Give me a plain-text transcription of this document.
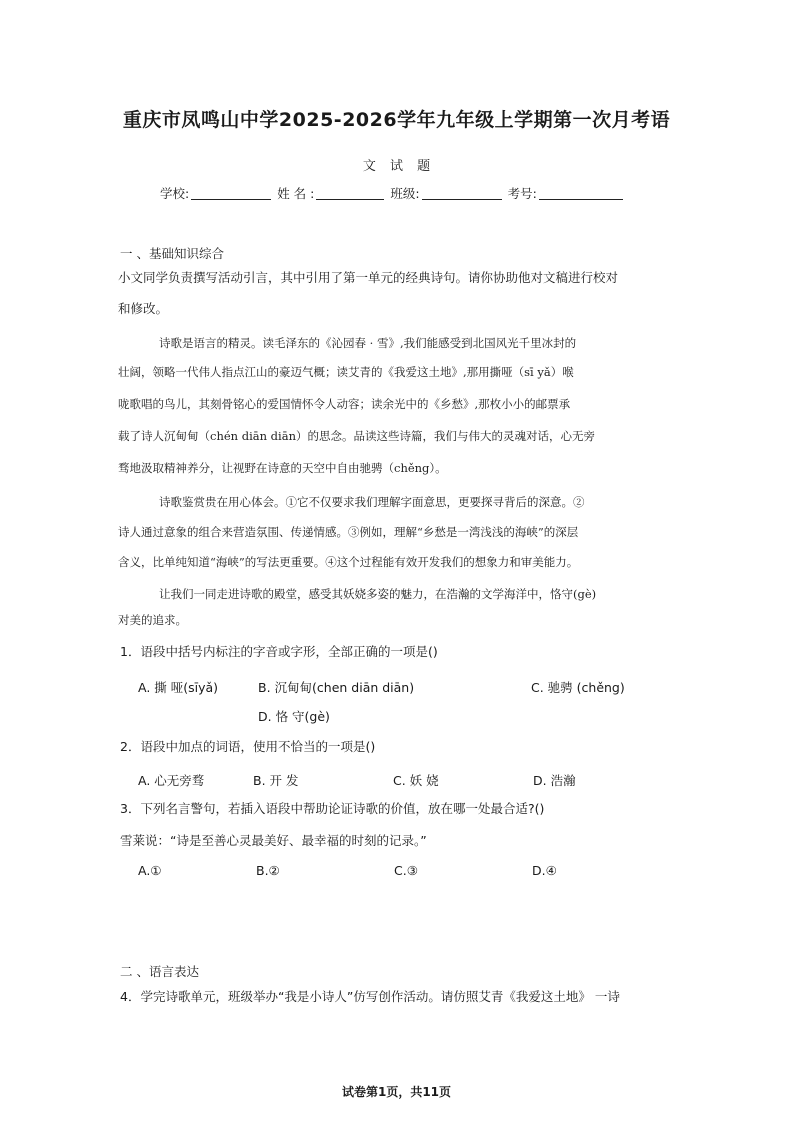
重庆市凤鸣山中学2025-2026学年九年级上学期第一次月考语
文 试 题
学校:	姓 名 :	班级:	考号:
一 、基础知识综合
小文同学负责撰写活动引言，其中引用了第一单元的经典诗句。请你协助他对文稿进行校对
和修改。
诗歌是语言的精灵。读毛泽东的《沁园春 · 雪》,我们能感受到北国风光千里冰封的
壮阔，领略一代伟人指点江山的豪迈气概；读艾青的《我爱这土地》,那用撕哑（sī yǎ）喉
咙歌唱的鸟儿，其刻骨铭心的爱国情怀令人动容；读余光中的《乡愁》,那枚小小的邮票承
载了诗人沉甸甸（chén diān diān）的思念。品读这些诗篇，我们与伟大的灵魂对话，心无旁
骛地汲取精神养分，让视野在诗意的天空中自由驰骋（chěng）。
诗歌鉴赏贵在用心体会。①它不仅要求我们理解字面意思，更要探寻背后的深意。②
诗人通过意象的组合来营造氛围、传递情感。③例如，理解“乡愁是一湾浅浅的海峡”的深层
含义，比单纯知道“海峡”的写法更重要。④这个过程能有效开发我们的想象力和审美能力。
让我们一同走进诗歌的殿堂，感受其妖娆多姿的魅力，在浩瀚的文学海洋中，恪守(gè)
对美的追求。
1．语段中括号内标注的字音或字形，全部正确的一项是()
A. 撕 哑(sīyǎ)	B. 沉甸甸(chen diān diān)	C. 驰骋 (chěng)
D. 恪 守(gè)
2．语段中加点的词语，使用不恰当的一项是()
A. 心无旁骛	B. 开 发	C. 妖 娆	D. 浩瀚
3．下列名言警句，若插入语段中帮助论证诗歌的价值，放在哪一处最合适?()
雪莱说：“诗是至善心灵最美好、最幸福的时刻的记录。”
A.①	B.②	C.③	D.④
二 、语言表达
4．学完诗歌单元，班级举办“我是小诗人”仿写创作活动。请仿照艾青《我爱这土地》 一诗
试卷第1页，共11页
